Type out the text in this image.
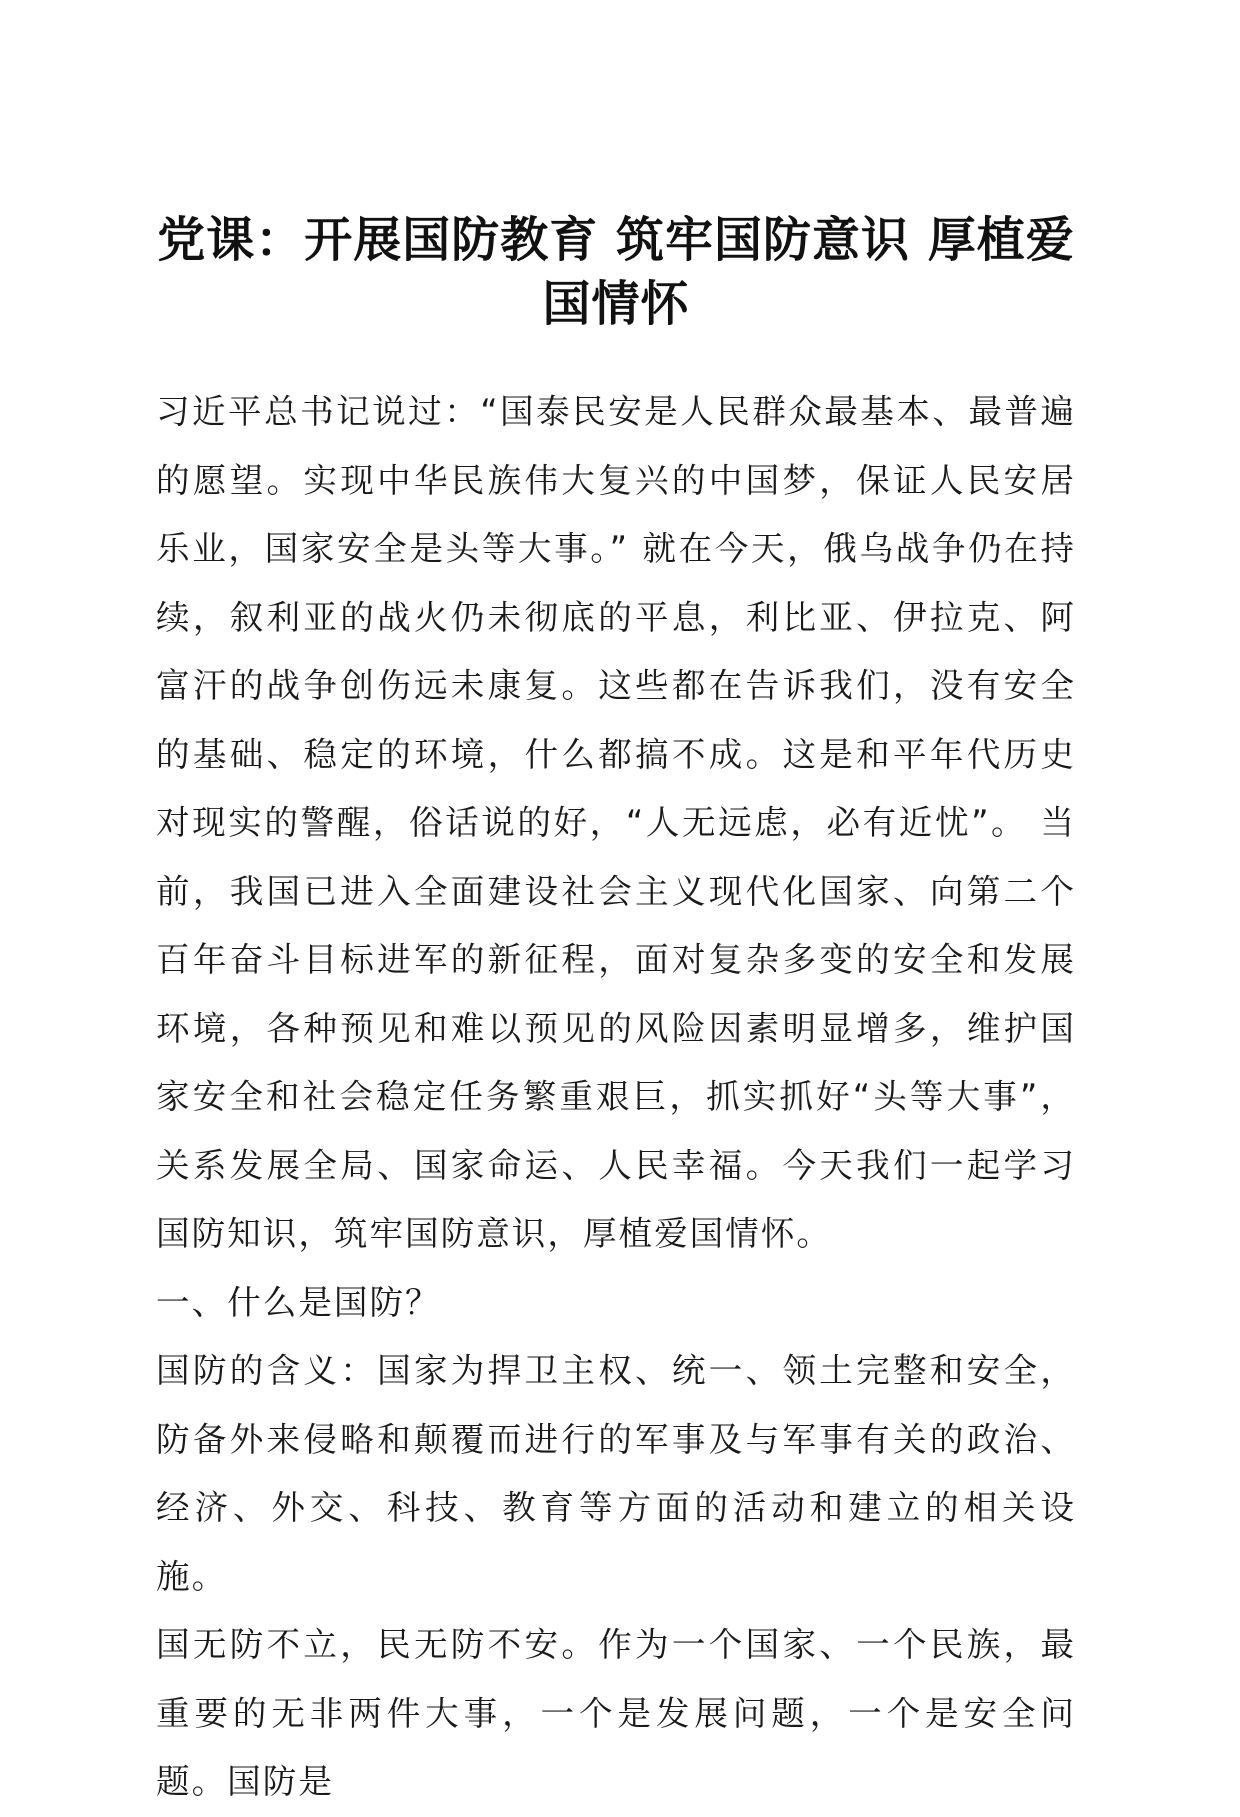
党课：开展国防教育 筑牢国防意识 厚植爱国情怀

习近平总书记说过：“国泰民安是人民群众最基本、最普遍的愿望。实现中华民族伟大复兴的中国梦，保证人民安居乐业，国家安全是头等大事。” 就在今天，俄乌战争仍在持续，叙利亚的战火仍未彻底的平息，利比亚、伊拉克、阿富汗的战争创伤远未康复。这些都在告诉我们，没有安全的基础、稳定的环境，什么都搞不成。这是和平年代历史对现实的警醒，俗话说的好，“人无远虑，必有近忧”。 当前，我国已进入全面建设社会主义现代化国家、向第二个百年奋斗目标进军的新征程，面对复杂多变的安全和发展环境，各种预见和难以预见的风险因素明显增多，维护国家安全和社会稳定任务繁重艰巨，抓实抓好“头等大事”，关系发展全局、国家命运、人民幸福。今天我们一起学习国防知识，筑牢国防意识，厚植爱国情怀。

一、什么是国防？

国防的含义：国家为捍卫主权、统一、领土完整和安全，防备外来侵略和颠覆而进行的军事及与军事有关的政治、经济、外交、科技、教育等方面的活动和建立的相关设施。

国无防不立，民无防不安。作为一个国家、一个民族，最重要的无非两件大事，一个是发展问题，一个是安全问题。国防是
